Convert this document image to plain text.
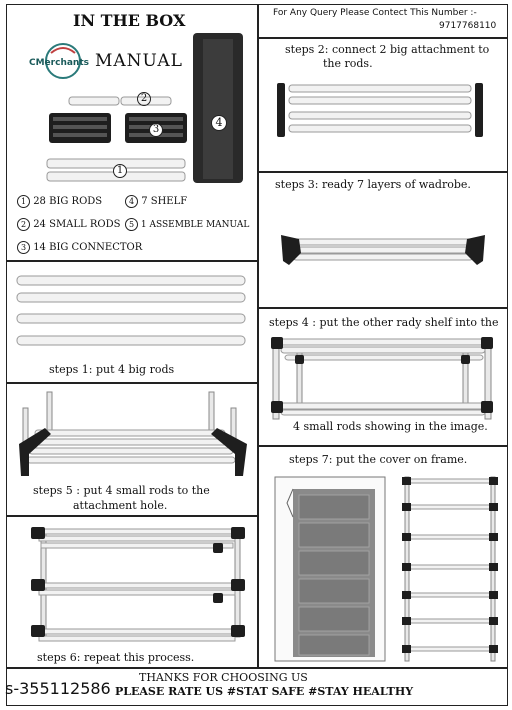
IN THE BOX
CMerchants MANUAL
2
3
1
4
1 28 BIG RODS	4 7 SHELF
2 24 SMALL RODS	5 1 ASSEMBLE MANUAL
3 14 BIG CONNECTOR
For Any Query Please Contect This Number :-
9717768110
steps 2: connect 2 big attachment to
the rods.
steps 3: ready 7 layers of wadrobe.
steps 1: put 4 big rods
steps 4 : put the other rady shelf into the
4 small rods showing in the image.
steps 5 : put 4 small rods to the
attachment hole.
steps 7: put the cover on frame.
steps 6: repeat this process.
THANKS FOR CHOOSING US
PLEASE RATE US #STAT SAFE #STAY HEALTHY
s-355112586
